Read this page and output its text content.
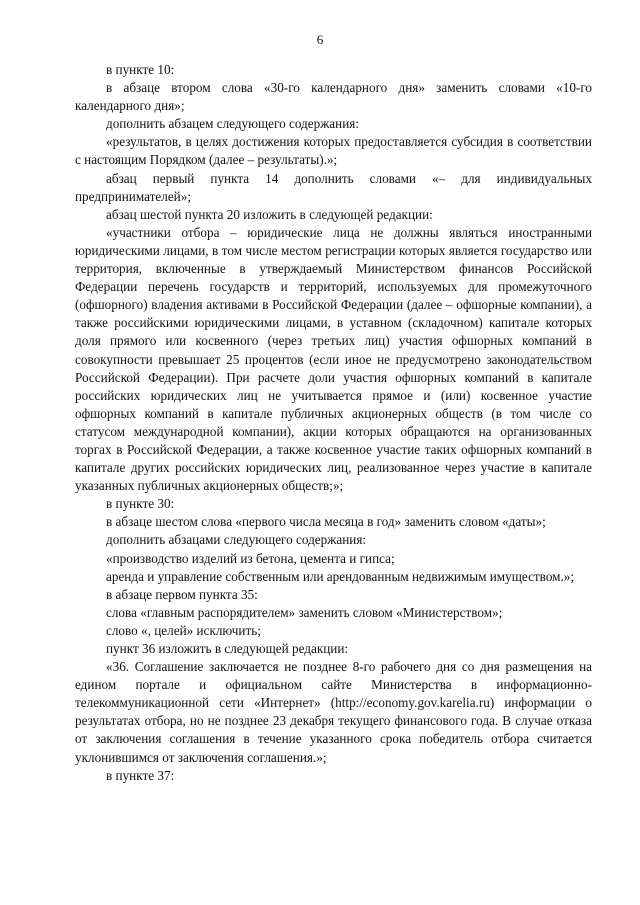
6

в пункте 10:

в абзаце втором слова «30-го календарного дня» заменить словами «10-го календарного дня»;

дополнить абзацем следующего содержания:

«результатов, в целях достижения которых предоставляется субсидия в соответствии с настоящим Порядком (далее – результаты).»;

абзац первый пункта 14 дополнить словами «– для индивидуальных предпринимателей»;

абзац шестой пункта 20 изложить в следующей редакции:

«участники отбора – юридические лица не должны являться иностранными юридическими лицами, в том числе местом регистрации которых является государство или территория, включенные в утверждаемый Министерством финансов Российской Федерации перечень государств и территорий, используемых для промежуточного (офшорного) владения активами в Российской Федерации (далее – офшорные компании), а также российскими юридическими лицами, в уставном (складочном) капитале которых доля прямого или косвенного (через третьих лиц) участия офшорных компаний в совокупности превышает 25 процентов (если иное не предусмотрено законодательством Российской Федерации). При расчете доли участия офшорных компаний в капитале российских юридических лиц не учитывается прямое и (или) косвенное участие офшорных компаний в капитале публичных акционерных обществ (в том числе со статусом международной компании), акции которых обращаются на организованных торгах в Российской Федерации, а также косвенное участие таких офшорных компаний в капитале других российских юридических лиц, реализованное через участие в капитале указанных публичных акционерных обществ;»;

в пункте 30:

в абзаце шестом слова «первого числа месяца в год» заменить словом «даты»;

дополнить абзацами следующего содержания:

«производство изделий из бетона, цемента и гипса;

аренда и управление собственным или арендованным недвижимым имуществом.»;

в абзаце первом пункта 35:

слова «главным распорядителем» заменить словом «Министерством»;

слово «, целей» исключить;

пункт 36 изложить в следующей редакции:

«36. Соглашение заключается не позднее 8-го рабочего дня со дня размещения на едином портале и официальном сайте Министерства в информационно-телекоммуникационной сети «Интернет» (http://economy.gov.karelia.ru) информации о результатах отбора, но не позднее 23 декабря текущего финансового года. В случае отказа от заключения соглашения в течение указанного срока победитель отбора считается уклонившимся от заключения соглашения.»;

в пункте 37:
